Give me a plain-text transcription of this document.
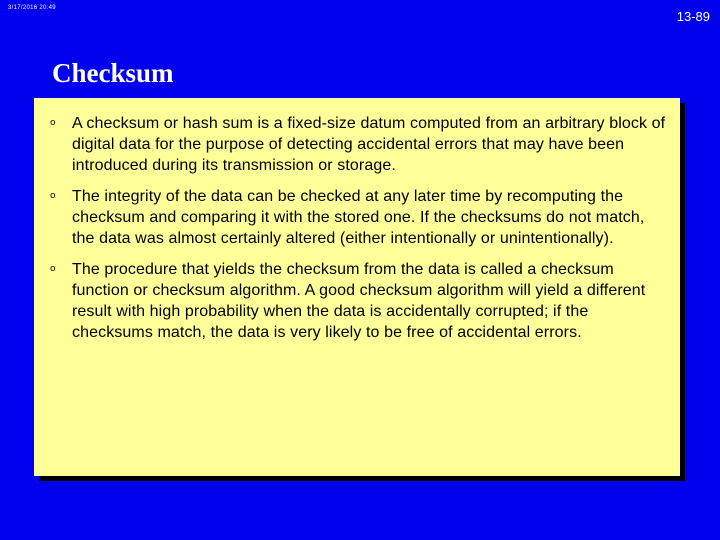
3/17/2016 20:49
13-89
Checksum
o	A checksum or hash sum is a fixed-size datum computed from an arbitrary block of digital data for the purpose of detecting accidental errors that may have been introduced during its transmission or storage.
o	The integrity of the data can be checked at any later time by recomputing the checksum and comparing it with the stored one. If the checksums do not match, the data was almost certainly altered (either intentionally or unintentionally).
o	The procedure that yields the checksum from the data is called a checksum function or checksum algorithm. A good checksum algorithm will yield a different result with high probability when the data is accidentally corrupted; if the checksums match, the data is very likely to be free of accidental errors.
